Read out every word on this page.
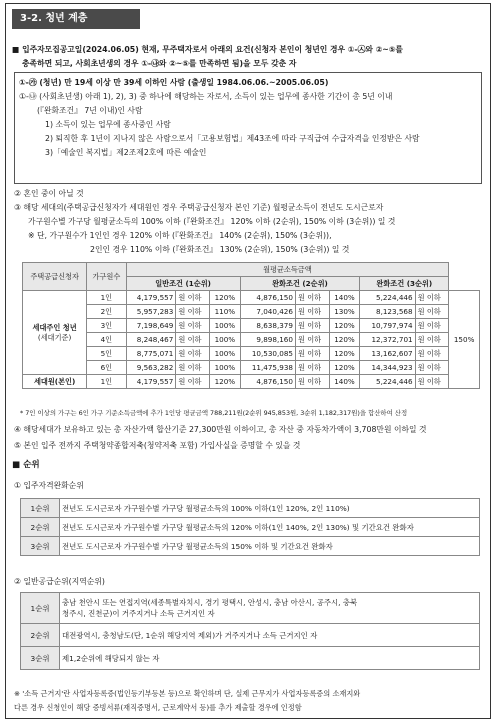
3-2. 청년 계층
■ 입주자모집공고일(2024.06.05) 현재, 무주택자로서 아래의 요건(신청자 본인이 청년인 경우 ①-㉦와 ②~⑤를
충족하면 되고, 사회초년생의 경우 ①-㉯와 ②~⑤를 만족하면 됨)을 모두 갖춘 자
①-㉮ (청년) 만 19세 이상 만 39세 이하인 사람 (출생일 1984.06.06.~2005.06.05)
①-㉯ (사회초년생) 아래 1), 2), 3) 중 하나에 해당하는 자로서, 소득이 있는 업무에 종사한 기간이 총 5년 이내
(『완화조건』 7년 이내)인 사람
1) 소득이 있는 업무에 종사중인 사람
2) 퇴직한 후 1년이 지나지 않은 사람으로서「고용보험법」제43조에 따라 구직급여 수급자격을 인정받은 사람
3)「예술인 복지법」제2조제2호에 따른 예술인
② 혼인 중이 아닐 것
③ 해당 세대의(주택공급신청자가 세대원인 경우 주택공급신청자 본인 기준) 월평균소득이 전년도 도시근로자
가구원수별 가구당 월평균소득의 100% 이하 (『완화조건』 120% 이하 (2순위), 150% 이하 (3순위)) 일 것
※ 단, 가구원수가 1인인 경우 120% 이하 (『완화조건』 140% (2순위), 150% (3순위)),
2인인 경우 110% 이하 (『완화조건』 130% (2순위), 150% (3순위)) 일 것
주택공급신청자	가구원수	월평균소득금액								
		일반조건 (1순위)			완화조건 (2순위)			완화조건 (3순위)		
세대주인 청년
(세대기준)	1인	4,179,557	원 이하	120%	4,876,150	원 이하	140%	5,224,446	원 이하	150%
	2인	5,957,283	원 이하	110%	7,040,426	원 이하	130%	8,123,568	원 이하	
	3인	7,198,649	원 이하	100%	8,638,379	원 이하	120%	10,797,974	원 이하	
	4인	8,248,467	원 이하	100%	9,898,160	원 이하	120%	12,372,701	원 이하	
	5인	8,775,071	원 이하	100%	10,530,085	원 이하	120%	13,162,607	원 이하	
	6인	9,563,282	원 이하	100%	11,475,938	원 이하	120%	14,344,923	원 이하	
세대원(본인)	1인	4,179,557	원 이하	120%	4,876,150	원 이하	140%	5,224,446	원 이하	
* 7인 이상의 가구는 6인 가구 기준소득금액에 추가 1인당 평균금액 788,211원(2순위 945,853원, 3순위 1,182,317원)을 합산하여 산정
④ 해당세대가 보유하고 있는 총 자산가액 합산기준 27,300만원 이하이고, 총 자산 중 자동차가액이 3,708만원 이하일 것
⑤ 본인 입주 전까지 주택청약종합저축(청약저축 포함) 가입사실을 증명할 수 있을 것
■ 순위
① 입주자격완화순위
1순위	전년도 도시근로자 가구원수별 가구당 월평균소득의 100% 이하(1인 120%, 2인 110%)
2순위	전년도 도시근로자 가구원수별 가구당 월평균소득의 120% 이하(1인 140%, 2인 130%) 및 기간요건 완화자
3순위	전년도 도시근로자 가구원수별 가구당 월평균소득의 150% 이하 및 기간요건 완화자
② 일반공급순위(지역순위)
1순위	충남 천안시 또는 연접지역(세종특별자치시, 경기 평택시, 안성시, 충남 아산시, 공주시, 충북
청주시, 진천군)이 거주지거나 소득 근거지인 자
2순위	대전광역시, 충청남도(단, 1순위 해당지역 제외)가 거주지거나 소득 근거지인 자
3순위	제1,2순위에 해당되지 않는 자
※ '소득 근거지'란 사업자등록증(법인등기부등본 등)으로 확인하며 단, 실제 근무지가 사업자등록증의 소재지와
다른 경우 신청인이 해당 증빙서류(재직증명서, 근로계약서 등)를 추가 제출할 경우에 인정함
